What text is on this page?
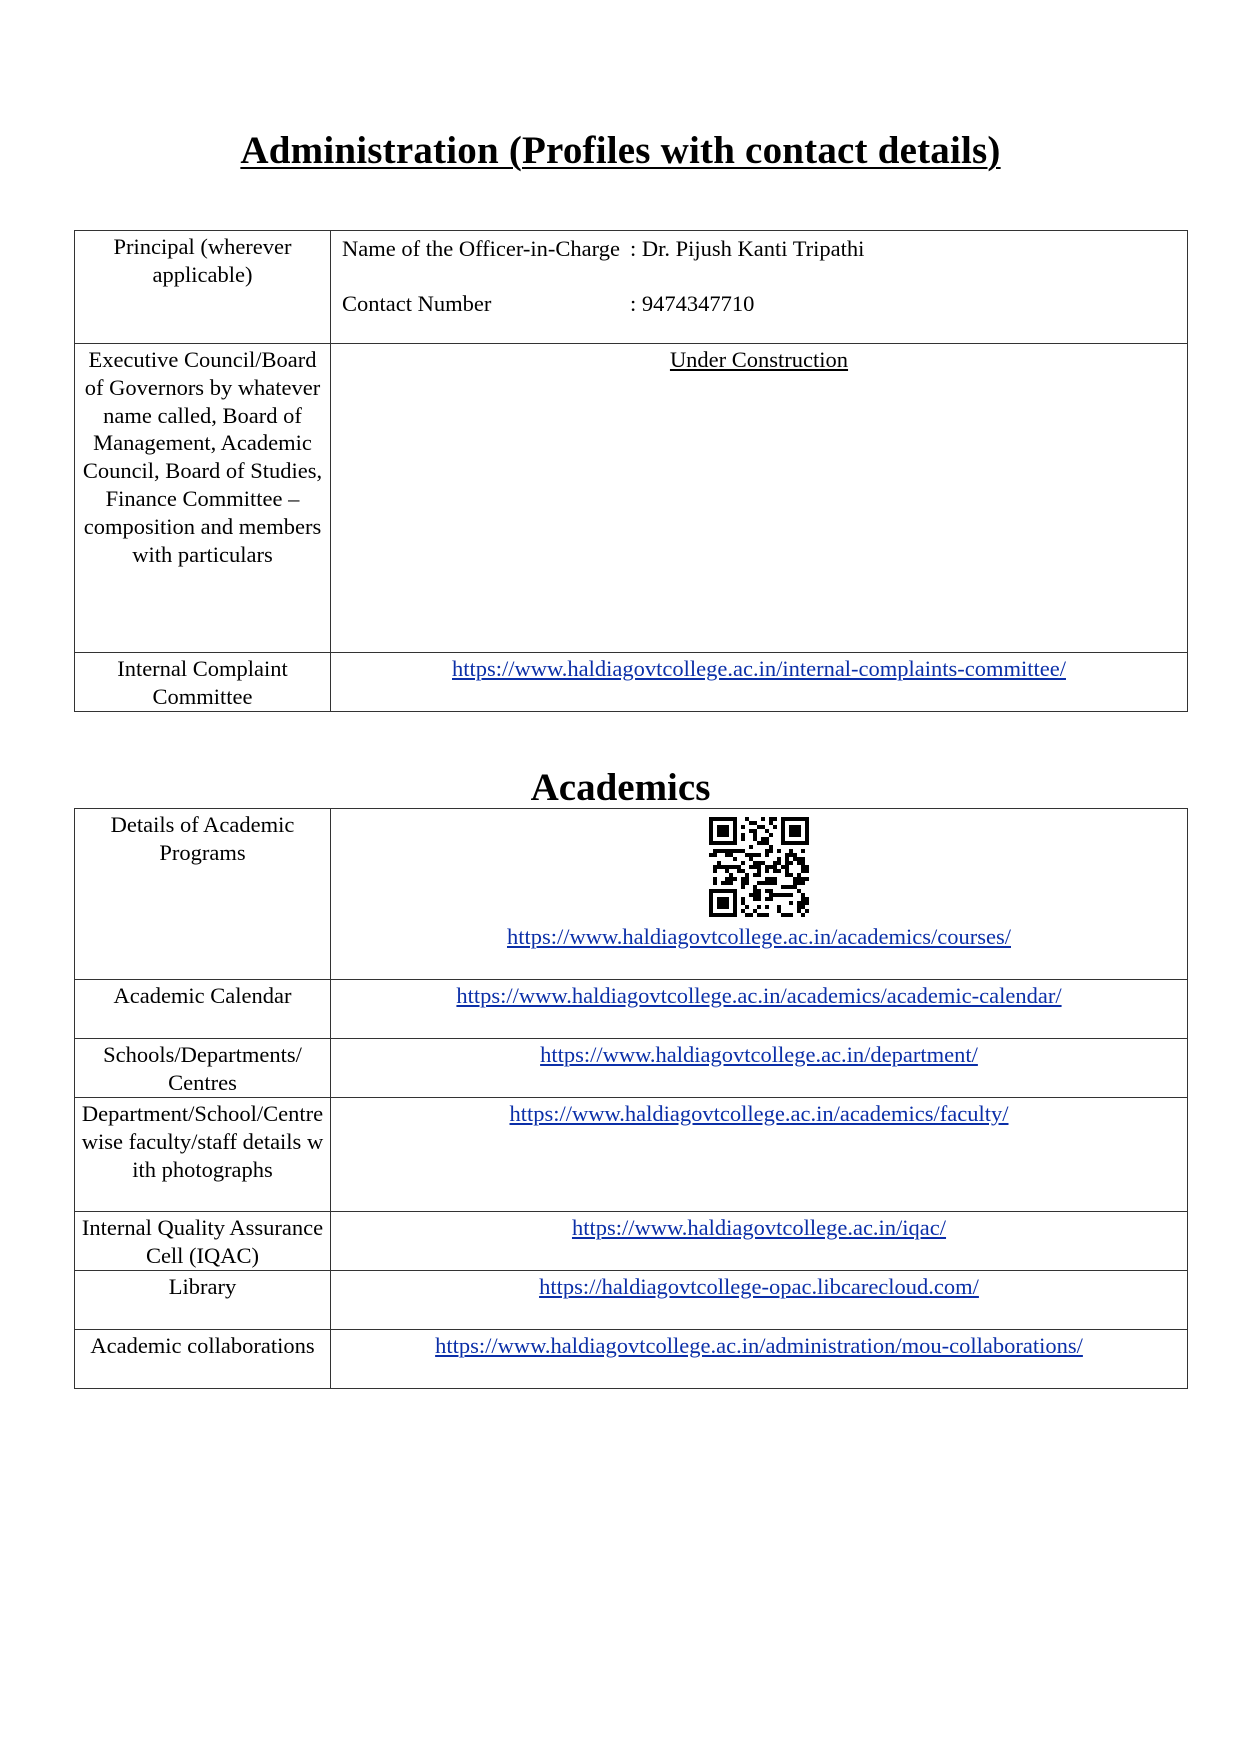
Administration (Profiles with contact details)
Principal (wherever applicable)	Name of the Officer-in-Charge : Dr. Pijush Kanti Tripathi
Contact Number : 9474347710

Executive Council/Board of Governors by whatever name called, Board of Management, Academic Council, Board of Studies, Finance Committee – composition and members with particulars	Under Construction
Internal Complaint Committee	https://www.haldiagovtcollege.ac.in/internal-complaints-committee/
Academics
Details of Academic Programs	https://www.haldiagovtcollege.ac.in/academics/courses/
Academic Calendar	https://www.haldiagovtcollege.ac.in/academics/academic-calendar/
Schools/Departments/ Centres	https://www.haldiagovtcollege.ac.in/department/
Department/School/Centre wise faculty/staff details with photographs	https://www.haldiagovtcollege.ac.in/academics/faculty/
Internal Quality Assurance Cell (IQAC)	https://www.haldiagovtcollege.ac.in/iqac/
Library	https://haldiagovtcollege-opac.libcarecloud.com/
Academic collaborations	https://www.haldiagovtcollege.ac.in/administration/mou-collaborations/
